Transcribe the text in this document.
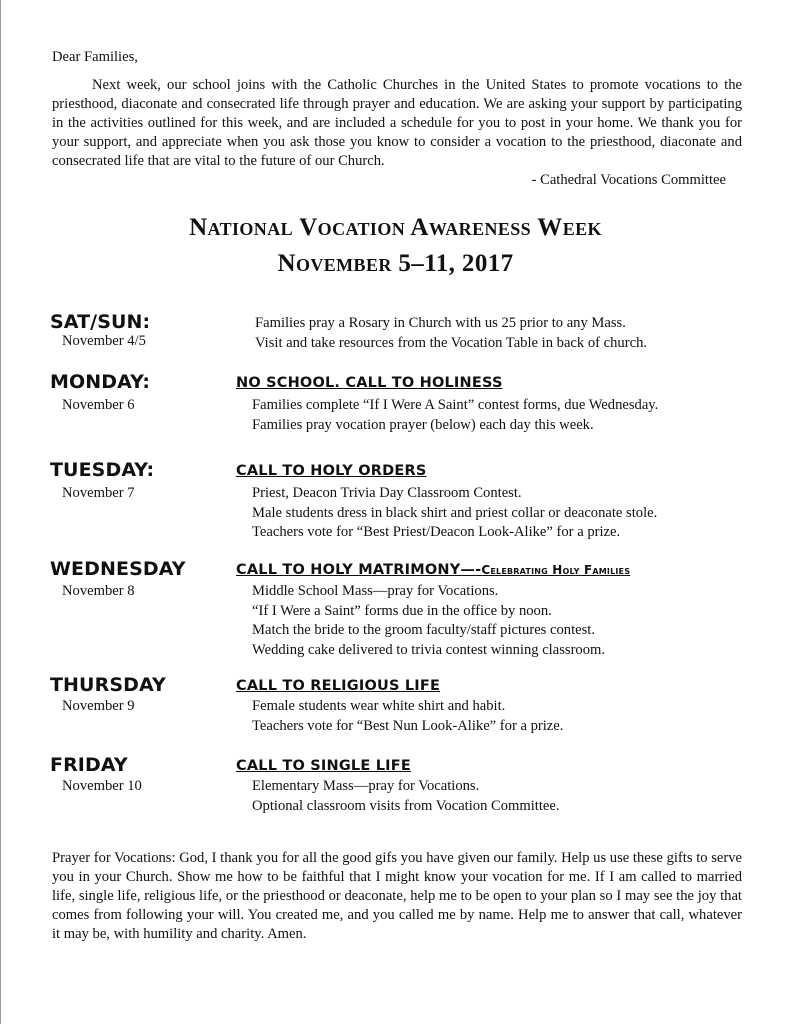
Dear Families,

Next week, our school joins with the Catholic Churches in the United States to promote vocations to the priesthood, diaconate and consecrated life through prayer and education. We are asking your support by participating in the activities outlined for this week, and are included a schedule for you to post in your home. We thank you for your support, and appreciate when you ask those you know to consider a vocation to the priesthood, diaconate and consecrated life that are vital to the future of our Church.

- Cathedral Vocations Committee

National Vocation Awareness Week
November 5–11, 2017
SAT/SUN:
November 4/5
Families pray a Rosary in Church with us 25 prior to any Mass.
Visit and take resources from the Vocation Table in back of church.
MONDAY:
November 6
NO SCHOOL. CALL TO HOLINESS
Families complete “If I Were A Saint” contest forms, due Wednesday.
Families pray vocation prayer (below) each day this week.
TUESDAY:
November 7
CALL TO HOLY ORDERS
Priest, Deacon Trivia Day Classroom Contest.
Male students dress in black shirt and priest collar or deaconate stole.
Teachers vote for “Best Priest/Deacon Look-Alike” for a prize.
WEDNESDAY
November 8
CALL TO HOLY MATRIMONY—-Celebrating Holy Families
Middle School Mass—pray for Vocations.
“If I Were a Saint” forms due in the office by noon.
Match the bride to the groom faculty/staff pictures contest.
Wedding cake delivered to trivia contest winning classroom.
THURSDAY
November 9
CALL TO RELIGIOUS LIFE
Female students wear white shirt and habit.
Teachers vote for “Best Nun Look-Alike” for a prize.
FRIDAY
November 10
CALL TO SINGLE LIFE
Elementary Mass—pray for Vocations.
Optional classroom visits from Vocation Committee.
Prayer for Vocations: God, I thank you for all the good gifs you have given our family. Help us use these gifts to serve you in your Church. Show me how to be faithful that I might know your vocation for me. If I am called to married life, single life, religious life, or the priesthood or deaconate, help me to be open to your plan so I may see the joy that comes from following your will. You created me, and you called me by name. Help me to answer that call, whatever it may be, with humility and charity. Amen.
